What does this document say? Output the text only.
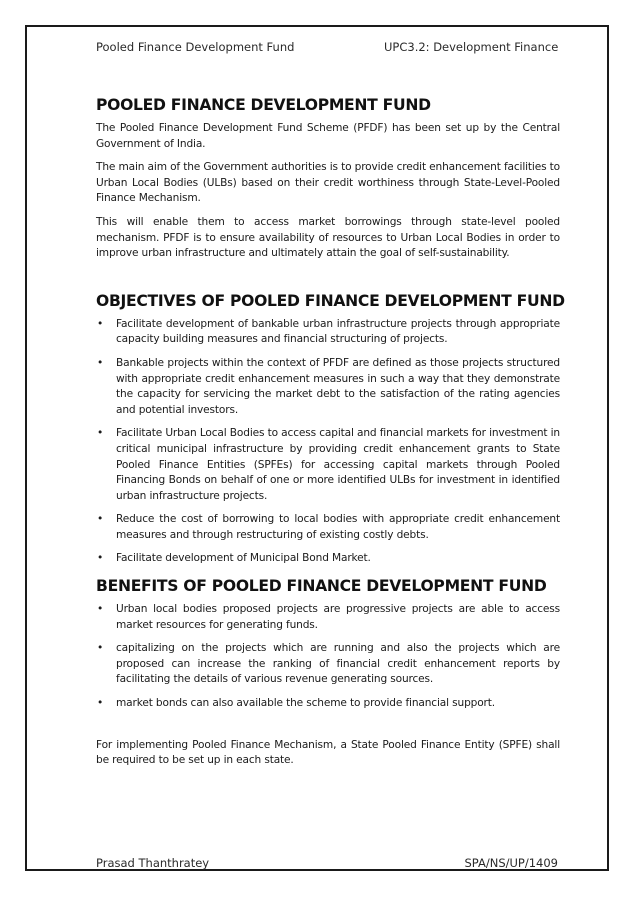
Pooled Finance Development Fund	UPC3.2: Development Finance
POOLED FINANCE DEVELOPMENT FUND

The Pooled Finance Development Fund Scheme (PFDF) has been set up by the Central Government of India.

The main aim of the Government authorities is to provide credit enhancement facilities to Urban Local Bodies (ULBs) based on their credit worthiness through State-Level-Pooled Finance Mechanism.

This will enable them to access market borrowings through state-level pooled mechanism. PFDF is to ensure availability of resources to Urban Local Bodies in order to improve urban infrastructure and ultimately attain the goal of self-sustainability.

OBJECTIVES OF POOLED FINANCE DEVELOPMENT FUND
• Facilitate development of bankable urban infrastructure projects through appropriate capacity building measures and financial structuring of projects.
• Bankable projects within the context of PFDF are defined as those projects structured with appropriate credit enhancement measures in such a way that they demonstrate the capacity for servicing the market debt to the satisfaction of the rating agencies and potential investors.
• Facilitate Urban Local Bodies to access capital and financial markets for investment in critical municipal infrastructure by providing credit enhancement grants to State Pooled Finance Entities (SPFEs) for accessing capital markets through Pooled Financing Bonds on behalf of one or more identified ULBs for investment in identified urban infrastructure projects.
• Reduce the cost of borrowing to local bodies with appropriate credit enhancement measures and through restructuring of existing costly debts.
• Facilitate development of Municipal Bond Market.
BENEFITS OF POOLED FINANCE DEVELOPMENT FUND
• Urban local bodies proposed projects are progressive projects are able to access market resources for generating funds.
• capitalizing on the projects which are running and also the projects which are proposed can increase the ranking of financial credit enhancement reports by facilitating the details of various revenue generating sources.
• market bonds can also available the scheme to provide financial support.

For implementing Pooled Finance Mechanism, a State Pooled Finance Entity (SPFE) shall be required to be set up in each state.

Prasad Thanthratey	SPA/NS/UP/1409
